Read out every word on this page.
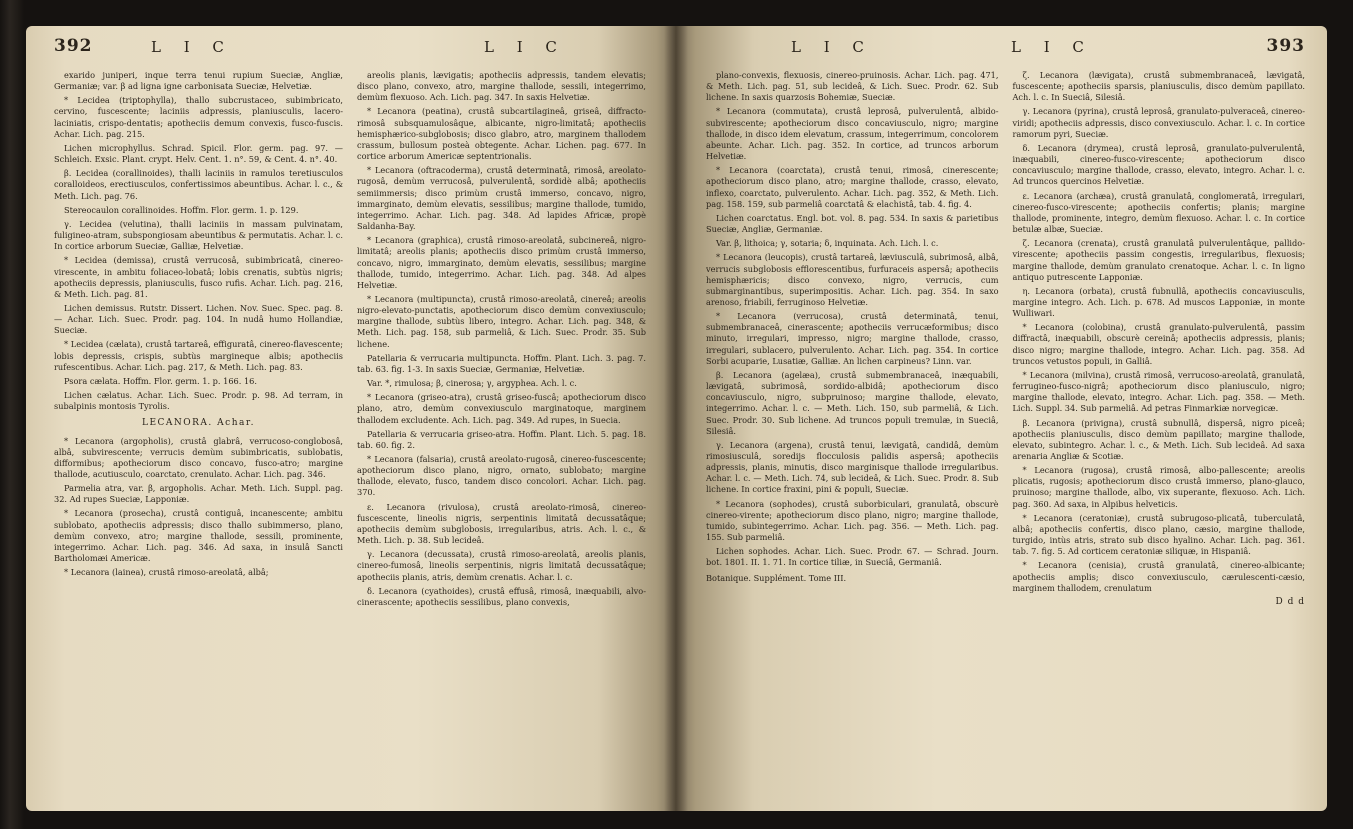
392	L I C	L I C

exarido juniperi, inque terra tenui rupium Sueciæ, Angliæ, Germaniæ; var. β ad ligna igne carbonisata Sueciæ, Helvetiæ.

* Lecidea (triptophylla), thallo subcrustaceo, subimbricato, cervino, fuscescente; laciniis adpressis, planiusculis, lacero-laciniatis, crispo-dentatis; apotheciis demum convexis, fusco-fuscis. Achar. Lich. pag. 215.

Lichen microphyllus. Schrad. Spicil. Flor. germ. pag. 97. — Schleich. Exsic. Plant. crypt. Helv. Cent. 1. n°. 59, & Cent. 4. n°. 40.

β. Lecidea (corallinoides), thalli laciniis in ramulos teretiusculos coralloideos, erectiusculos, confertissimos abeuntibus. Achar. l. c., & Meth. Lich. pag. 76.

Stereocaulon corallinoides. Hoffm. Flor. germ. 1. p. 129.

γ. Lecidea (velutina), thalli laciniis in massam pulvinatam, fuligineo-atram, subspongiosam abeuntibus & permutatis. Achar. l. c. In cortice arborum Sueciæ, Galliæ, Helvetiæ.

* Lecidea (demissa), crustâ verrucosâ, subimbricatâ, cinereo-virescente, in ambitu foliaceo-lobatâ; lobis crenatis, subtùs nigris; apotheciis depressis, planiusculis, fusco rufis. Achar. Lich. pag. 216, & Meth. Lich. pag. 81.

Lichen demissus. Rutstr. Dissert. Lichen. Nov. Suec. Spec. pag. 8. — Achar. Lich. Suec. Prodr. pag. 104. In nudâ humo Hollandiæ, Sueciæ.

* Lecidea (cælata), crustâ tartareâ, effiguratâ, cinereo-flavescente; lobis depressis, crispis, subtùs margineque albis; apotheciis rufescentibus. Achar. Lich. pag. 217, & Meth. Lich. pag. 83.

Psora cælata. Hoffm. Flor. germ. 1. p. 166. 16.

Lichen cælatus. Achar. Lich. Suec. Prodr. p. 98. Ad terram, in subalpinis montosis Tyrolis.

LECANORA. Achar.

* Lecanora (argopholis), crustâ glabrâ, verrucoso-conglobosâ, albâ, subvirescente; verrucis demùm subimbricatis, sublobatis, difformibus; apotheciorum disco concavo, fusco-atro; margine thallode, acutiusculo, coarctato, crenulato. Achar. Lich. pag. 346.

Parmelia atra, var. β, argopholis. Achar. Meth. Lich. Suppl. pag. 32. Ad rupes Sueciæ, Lapponiæ.

* Lecanora (prosecha), crustâ contiguâ, incanescente; ambitu sublobato, apotheciis adpressis; disco thallo subimmerso, plano, demùm convexo, atro; margine thallode, sessili, prominente, integerrimo. Achar. Lich. pag. 346. Ad saxa, in insulâ Sancti Bartholomæi Americæ.

* Lecanora (lainea), crustâ rimoso-areolatâ, albâ;

areolis planis, lævigatis; apotheciis adpressis, tandem elevatis; disco plano, convexo, atro, margine thallode, sessili, integerrimo, demùm flexuoso. Ach. Lich. pag. 347. In saxis Helvetiæ.

* Lecanora (peatina), crustâ subcartilagineâ, griseâ, diffracto-rimosâ subsquamulosâque, albicante, nigro-limitatâ; apotheciis hemisphærico-subglobosis; disco glabro, atro, marginem thallodem crassum, bullosum posteà obtegente. Achar. Lichen. pag. 677. In cortice arborum Americæ septentrionalis.

* Lecanora (oftracoderma), crustâ determinatâ, rimosâ, areolato-rugosâ, demùm verrucosâ, pulverulentâ, sordidè albâ; apotheciis semiimmersis; disco primùm crustâ immerso, concavo, nigro, immarginato, demùm elevatis, sessilibus; margine thallode, tumido, integerrimo. Achar. Lich. pag. 348. Ad lapides Africæ, propè Saldanha-Bay.

* Lecanora (graphica), crustâ rimoso-areolatâ, subcinereâ, nigro-limitatâ; areolis planis; apotheciis disco primùm crustâ immerso, concavo, nigro, immarginato, demùm elevatis, sessilibus; margine thallode, tumido, integerrimo. Achar. Lich. pag. 348. Ad alpes Helvetiæ.

* Lecanora (multipuncta), crustâ rimoso-areolatâ, cinereâ; areolis nigro-elevato-punctatis, apotheciorum disco demùm convexiusculo; margine thallode, subtùs libero, integro. Achar. Lich. pag. 348, & Meth. Lich. pag. 158, sub parmeliâ, & Lich. Suec. Prodr. 35. Sub lichene.

Patellaria & verrucaria multipuncta. Hoffm. Plant. Lich. 3. pag. 7. tab. 63. fig. 1-3. In saxis Sueciæ, Germaniæ, Helvetiæ.

Var. *, rimulosa; β, cinerosa; γ, argyphea. Ach. l. c.

* Lecanora (griseo-atra), crustâ griseo-fuscâ; apotheciorum disco plano, atro, demùm convexiusculo marginatoque, marginem thallodem excludente. Ach. Lich. pag. 349. Ad rupes, in Suecia.

Patellaria & verrucaria griseo-atra. Hoffm. Plant. Lich. 5. pag. 18. tab. 60. fig. 2.

* Lecanora (falsaria), crustâ areolato-rugosâ, cinereo-fuscescente; apotheciorum disco plano, nigro, ornato, sublobato; margine thallode, elevato, fusco, tandem disco concolori. Achar. Lich. pag. 370.

ε. Lecanora (rivulosa), crustâ areolato-rimosâ, cinereo-fuscescente, lineolis nigris, serpentinis limitatâ decussatâque; apotheciis demùm subglobosis, irregularibus, atris. Ach. l. c., & Meth. Lich. p. 38. Sub lecideâ.

γ. Lecanora (decussata), crustâ rimoso-areolatâ, areolis planis, cinereo-fumosâ, lineolis serpentinis, nigris limitatâ decussatâque; apotheciis planis, atris, demùm crenatis. Achar. l. c.

δ. Lecanora (cyathoides), crustâ effusâ, rimosâ, inæquabili, alvo-cinerascente; apotheciis sessilibus, plano convexis,

L I C	L I C	393

plano-convexis, flexuosis, cinereo-pruinosis. Achar. Lich. pag. 471, & Meth. Lich. pag. 51, sub lecideâ, & Lich. Suec. Prodr. 62. Sub lichene. In saxis quarzosis Bohemiæ, Sueciæ.

* Lecanora (commutata), crustâ leprosâ, pulverulentâ, albido-subvirescente; apotheciorum disco concaviusculo, nigro; margine thallode, in disco idem elevatum, crassum, integerrimum, concolorem abeunte. Achar. Lich. pag. 352. In cortice, ad truncos arborum Helvetiæ.

* Lecanora (coarctata), crustâ tenui, rimosâ, cinerescente; apotheciorum disco plano, atro; margine thallode, crasso, elevato, inflexo, coarctato, pulverulento. Achar. Lich. pag. 352, & Meth. Lich. pag. 158. 159, sub parmeliâ coarctatâ & elachistâ, tab. 4. fig. 4.

Lichen coarctatus. Engl. bot. vol. 8. pag. 534. In saxis & parietibus Sueciæ, Angliæ, Germaniæ.

Var. β, lithoica; γ, sotaria; δ, inquinata. Ach. Lich. l. c.

* Lecanora (leucopis), crustâ tartareâ, læviusculâ, subrimosâ, albâ, verrucis subglobosis efflorescentibus, furfuraceis aspersâ; apotheciis hemisphæricis; disco convexo, nigro, verrucis, cum submarginantibus, superimpositis. Achar. Lich. pag. 354. In saxo arenoso, friabili, ferruginoso Helvetiæ.

* Lecanora (verrucosa), crustâ determinatâ, tenui, submembranaceâ, cinerascente; apotheciis verrucæformibus; disco minuto, irregulari, impresso, nigro; margine thallode, crasso, irregulari, sublacero, pulverulento. Achar. Lich. pag. 354. In cortice Sorbi acuparie, Lusatiæ, Galliæ. An lichen carpineus? Linn. var.

β. Lecanora (agelæa), crustâ submembranaceâ, inæquabili, lævigatâ, subrimosâ, sordido-albidâ; apotheciorum disco concaviusculo, nigro, subpruinoso; margine thallode, elevato, integerrimo. Achar. l. c. — Meth. Lich. 150, sub parmeliâ, & Lich. Suec. Prodr. 30. Sub lichene. Ad truncos populi tremulæ, in Sueciâ, Silesiâ.

γ. Lecanora (argena), crustâ tenui, lævigatâ, candidâ, demùm rimosiusculâ, soredijs flocculosis palidis aspersâ; apotheciis adpressis, planis, minutis, disco marginisque thallode irregularibus. Achar. l. c. — Meth. Lich. 74, sub lecideâ, & Lich. Suec. Prodr. 8. Sub lichene. In cortice fraxini, pini & populi, Sueciæ.

* Lecanora (sophodes), crustâ suborbiculari, granulatâ, obscurè cinereo-virente; apotheciorum disco plano, nigro; margine thallode, tumido, subintegerrimo. Achar. Lich. pag. 356. — Meth. Lich. pag. 155. Sub parmeliâ.

Lichen sophodes. Achar. Lich. Suec. Prodr. 67. — Schrad. Journ. bot. 1801. II. 1. 71. In cortice tiliæ, in Sueciâ, Germaniâ.

Botanique. Supplément. Tome III.

ζ. Lecanora (lævigata), crustâ submembranaceâ, lævigatâ, fuscescente; apotheciis sparsis, planiusculis, disco demùm papillato. Ach. l. c. In Sueciâ, Silesiâ.

γ. Lecanora (pyrina), crustâ leprosâ, granulato-pulveraceâ, cinereo-viridi; apotheciis adpressis, disco convexiusculo. Achar. l. c. In cortice ramorum pyri, Sueciæ.

δ. Lecanora (drymea), crustâ leprosâ, granulato-pulverulentâ, inæquabili, cinereo-fusco-virescente; apotheciorum disco concaviusculo; margine thallode, crasso, elevato, integro. Achar. l. c. Ad truncos quercinos Helvetiæ.

ε. Lecanora (archæa), crustâ granulatâ, conglomeratâ, irregulari, cinereo-fusco-virescente; apotheciis confertis; planis; margine thallode, prominente, integro, demùm flexuoso. Achar. l. c. In cortice betulæ albæ, Sueciæ.

ζ. Lecanora (crenata), crustâ granulatâ pulverulentâque, pallido-virescente; apotheciis passim congestis, irregularibus, flexuosis; margine thallode, demùm granulato crenatoque. Achar. l. c. In ligno antiquo putrescente Lapponiæ.

η. Lecanora (orbata), crustâ fubnullâ, apotheciis concaviusculis, margine integro. Ach. Lich. p. 678. Ad muscos Lapponiæ, in monte Wulliwari.

* Lecanora (colobina), crustâ granulato-pulverulentâ, passim diffractâ, inæquabili, obscurè cereinâ; apotheciis adpressis, planis; disco nigro; margine thallode, integro. Achar. Lich. pag. 358. Ad truncos vetustos populi, in Galliâ.

* Lecanora (milvina), crustâ rimosâ, verrucoso-areolatâ, granulatâ, ferrugineo-fusco-nigrâ; apotheciorum disco planiusculo, nigro; margine thallode, elevato, integro. Achar. Lich. pag. 358. — Meth. Lich. Suppl. 34. Sub parmeliâ. Ad petras Finmarkiæ norvegicæ.

β. Lecanora (privigna), crustâ subnullâ, dispersâ, nigro piceâ; apotheciis planiusculis, disco demùm papillato; margine thallode, elevato, subintegro. Achar. l. c., & Meth. Lich. Sub lecideâ. Ad saxa arenaria Angliæ & Scotiæ.

* Lecanora (rugosa), crustâ rimosâ, albo-pallescente; areolis plicatis, rugosis; apotheciorum disco crustâ immerso, plano-glauco, pruinoso; margine thallode, albo, vix superante, flexuoso. Ach. Lich. pag. 360. Ad saxa, in Alpibus helveticis.

* Lecanora (ceratoniæ), crustâ subrugoso-plicatâ, tuberculatâ, albâ; apotheciis confertis, disco plano, cæsio, margine thallode, turgido, intùs atris, strato sub disco hyalino. Achar. Lich. pag. 361. tab. 7. fig. 5. Ad corticem ceratoniæ siliquæ, in Hispaniâ.

* Lecanora (cenisia), crustâ granulatâ, cinereo-albicante; apotheciis amplis; disco convexiusculo, cærulescenti-cæsio, marginem thallodem, crenulatum

D d d
